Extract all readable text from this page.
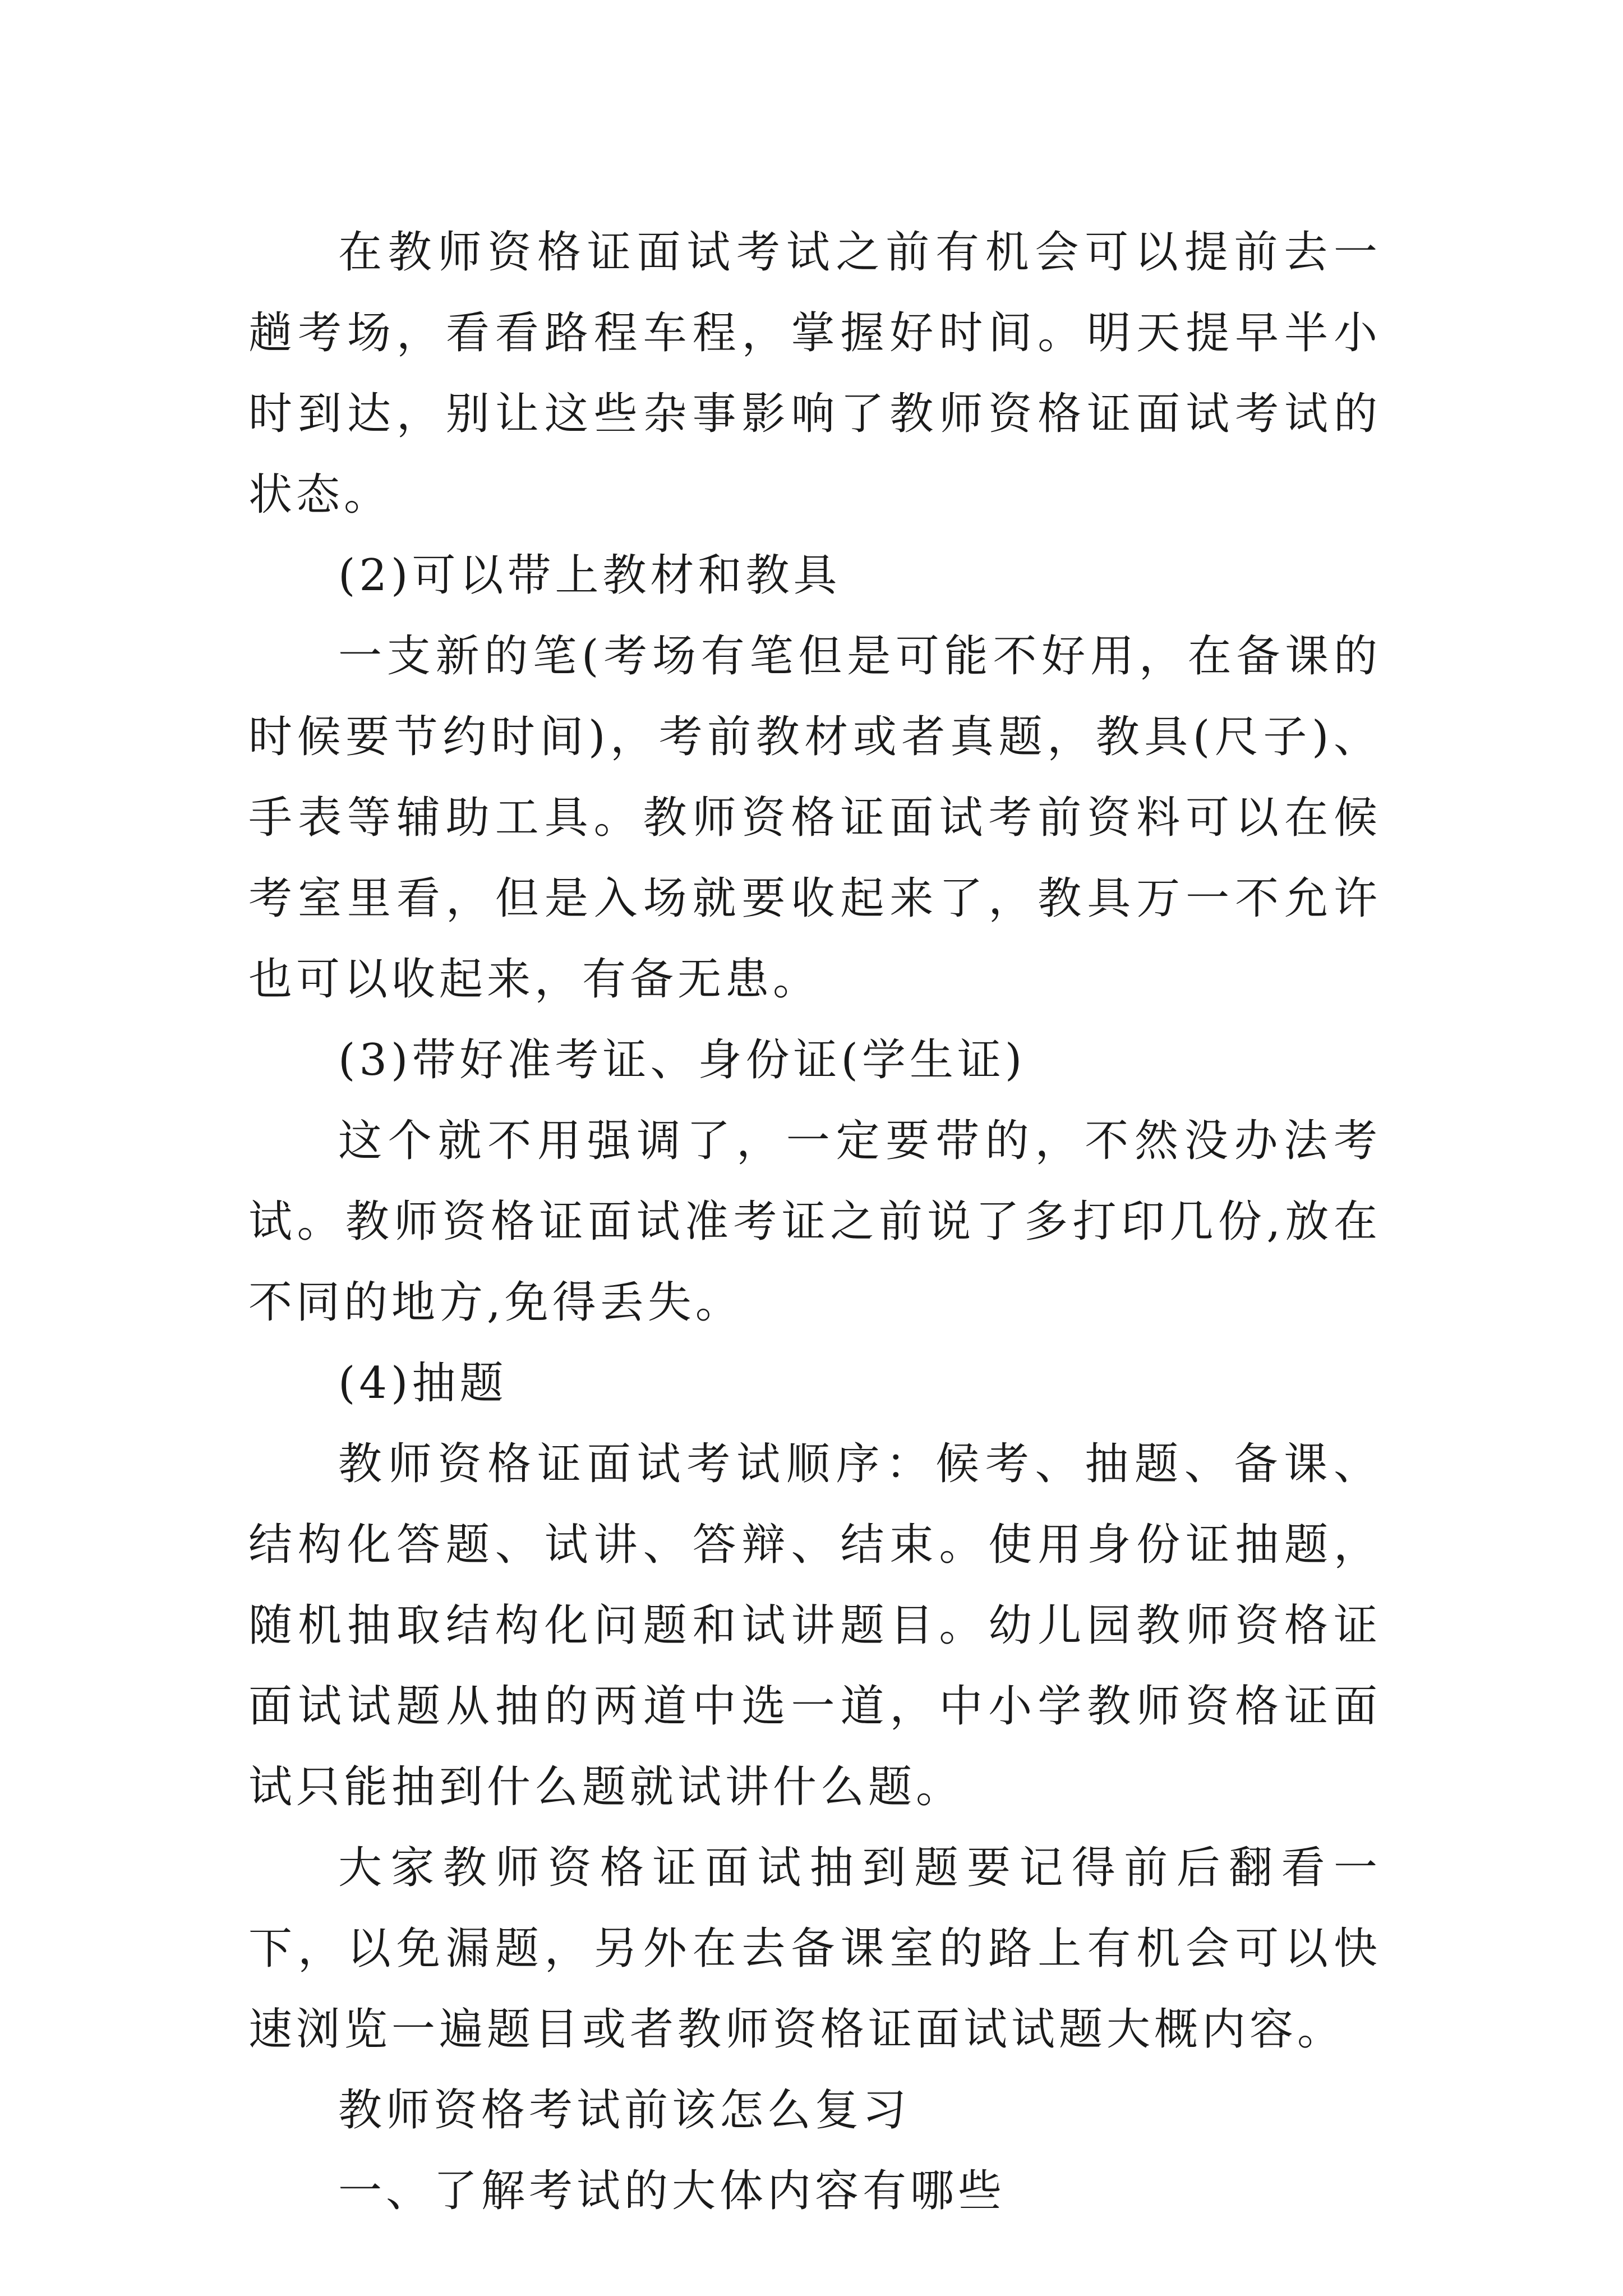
在教师资格证面试考试之前有机会可以提前去一趟考场，看看路程车程，掌握好时间。明天提早半小时到达，别让这些杂事影响了教师资格证面试考试的状态。

(2)可以带上教材和教具

一支新的笔(考场有笔但是可能不好用，在备课的时候要节约时间)，考前教材或者真题，教具(尺子)、手表等辅助工具。教师资格证面试考前资料可以在候考室里看，但是入场就要收起来了，教具万一不允许也可以收起来，有备无患。

(3)带好准考证、身份证(学生证)

这个就不用强调了，一定要带的，不然没办法考试。教师资格证面试准考证之前说了多打印几份,放在不同的地方,免得丢失。

(4)抽题

教师资格证面试考试顺序：候考、抽题、备课、结构化答题、试讲、答辩、结束。使用身份证抽题，随机抽取结构化问题和试讲题目。幼儿园教师资格证面试试题从抽的两道中选一道，中小学教师资格证面试只能抽到什么题就试讲什么题。

大家教师资格证面试抽到题要记得前后翻看一下，以免漏题，另外在去备课室的路上有机会可以快速浏览一遍题目或者教师资格证面试试题大概内容。

教师资格考试前该怎么复习

一、了解考试的大体内容有哪些
